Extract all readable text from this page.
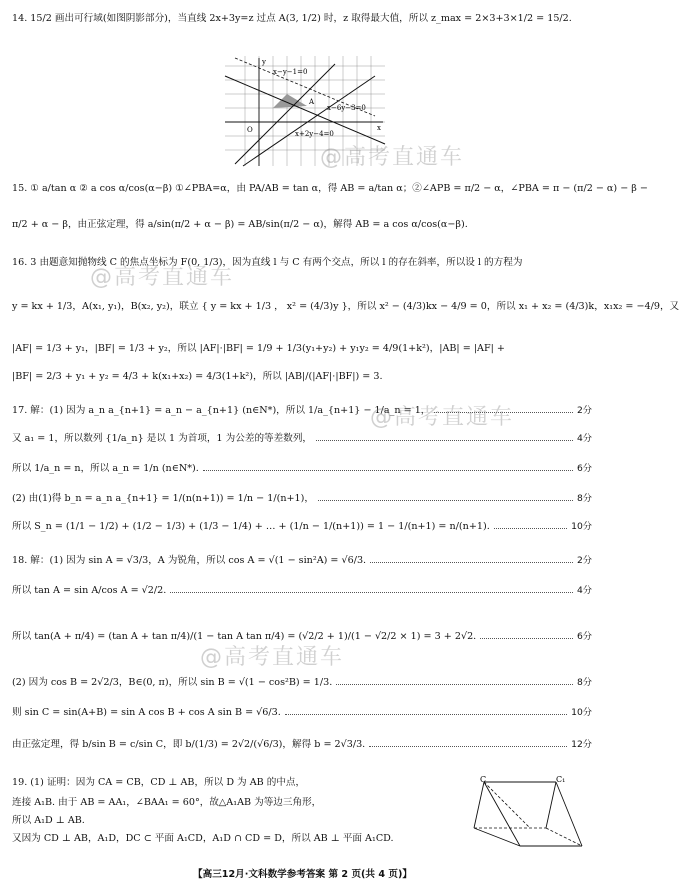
14. 15/2 画出可行域(如图阴影部分)，当直线 2x+3y=z 过点 A(3, 1/2) 时，z 取得最大值，所以 z_max = 2×3+3×1/2 = 15/2.
x−y−1=0
x−6y−3=0
x+2y−4=0
A
O	x
y
15. ① a/tan α ② a cos α/cos(α−β) ①∠PBA=α，由 PA/AB = tan α，得 AB = a/tan α；②∠APB = π/2 − α，∠PBA = π − (π/2 − α) − β −
π/2 + α − β，由正弦定理，得 a/sin(π/2 + α − β) = AB/sin(π/2 − α)，解得 AB = a cos α/cos(α−β).
16. 3 由题意知抛物线 C 的焦点坐标为 F(0, 1/3)，因为直线 l 与 C 有两个交点，所以 l 的存在斜率，所以设 l 的方程为
y = kx + 1/3，A(x₁, y₁)，B(x₂, y₂)，联立 { y = kx + 1/3 ， x² = (4/3)y }，所以 x² − (4/3)kx − 4/9 = 0，所以 x₁ + x₂ = (4/3)k，x₁x₂ = −4/9，又
|AF| = 1/3 + y₁，|BF| = 1/3 + y₂，所以 |AF|·|BF| = 1/9 + 1/3(y₁+y₂) + y₁y₂ = 4/9(1+k²)，|AB| = |AF| +
|BF| = 2/3 + y₁ + y₂ = 4/3 + k(x₁+x₂) = 4/3(1+k²)，所以 |AB|/(|AF|·|BF|) = 3.
17. 解：(1) 因为 a_n a_{n+1} = a_n − a_{n+1} (n∈N*)，所以 1/a_{n+1} − 1/a_n = 1，	2分
又 a₁ = 1，所以数列 {1/a_n} 是以 1 为首项，1 为公差的等差数列，	4分
所以 1/a_n = n，所以 a_n = 1/n (n∈N*).	6分
(2) 由(1)得 b_n = a_n a_{n+1} = 1/(n(n+1)) = 1/n − 1/(n+1)，	8分
所以 S_n = (1/1 − 1/2) + (1/2 − 1/3) + (1/3 − 1/4) + … + (1/n − 1/(n+1)) = 1 − 1/(n+1) = n/(n+1).	10分
18. 解：(1) 因为 sin A = √3/3，A 为锐角，所以 cos A = √(1 − sin²A) = √6/3.	2分
所以 tan A = sin A/cos A = √2/2.	4分
所以 tan(A + π/4) = (tan A + tan π/4)/(1 − tan A tan π/4) = (√2/2 + 1)/(1 − √2/2 × 1) = 3 + 2√2.	6分
(2) 因为 cos B = 2√2/3，B∈(0, π)，所以 sin B = √(1 − cos²B) = 1/3.	8分
则 sin C = sin(A+B) = sin A cos B + cos A sin B = √6/3.	10分
由正弦定理，得 b/sin B = c/sin C，即 b/(1/3) = 2√2/(√6/3)，解得 b = 2√3/3.	12分
19. (1) 证明：因为 CA = CB，CD ⊥ AB，所以 D 为 AB 的中点，
连接 A₁B. 由于 AB = AA₁，∠BAA₁ = 60°，故△A₁AB 为等边三角形，
所以 A₁D ⊥ AB.
又因为 CD ⊥ AB，A₁D，DC ⊂ 平面 A₁CD，A₁D ∩ CD = D，所以 AB ⊥ 平面 A₁CD.
C	C₁
@高考直通车
@高考直通车
@高考直通车
@高考直通车
【高三12月·文科数学参考答案 第 2 页(共 4 页)】
